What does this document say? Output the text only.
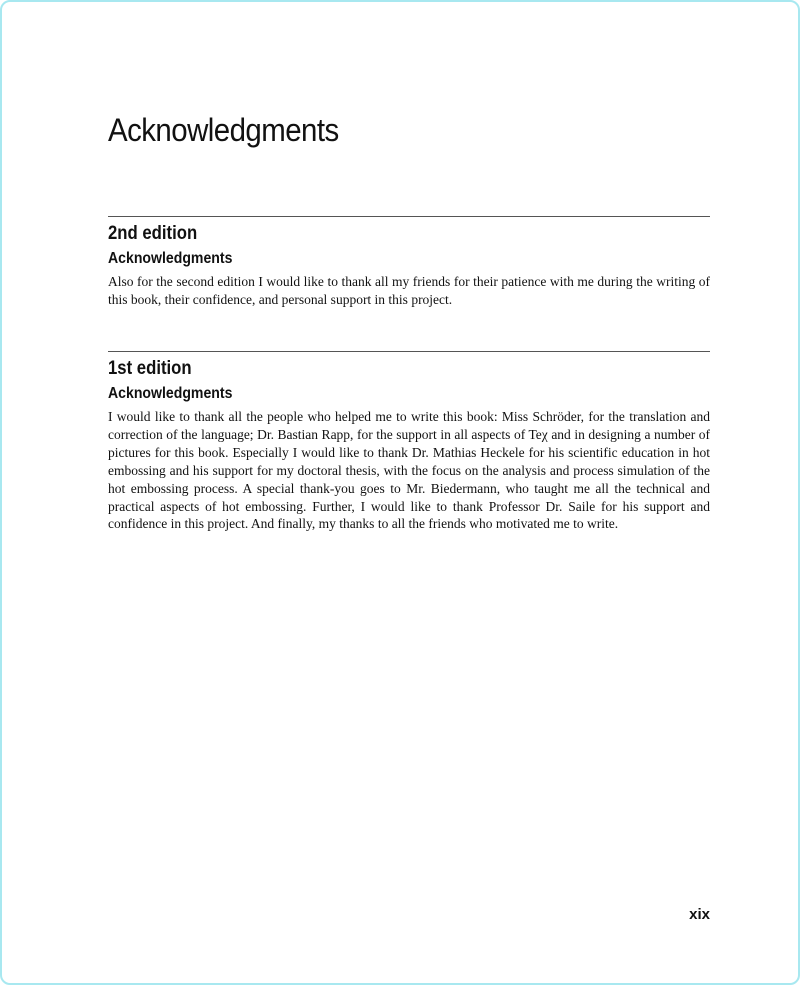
Acknowledgments
2nd edition
Acknowledgments

Also for the second edition I would like to thank all my friends for their patience with me during the writing of this book, their confidence, and personal support in this project.

1st edition
Acknowledgments

I would like to thank all the people who helped me to write this book: Miss Schröder, for the translation and correction of the language; Dr. Bastian Rapp, for the support in all aspects of Teχ and in designing a number of pictures for this book. Especially I would like to thank Dr. Mathias Heckele for his scientific education in hot embossing and his support for my doctoral thesis, with the focus on the analysis and process simulation of the hot embossing process. A special thank-you goes to Mr. Biedermann, who taught me all the technical and practical aspects of hot embossing. Further, I would like to thank Professor Dr. Saile for his support and confidence in this project. And finally, my thanks to all the friends who motivated me to write.

xix
